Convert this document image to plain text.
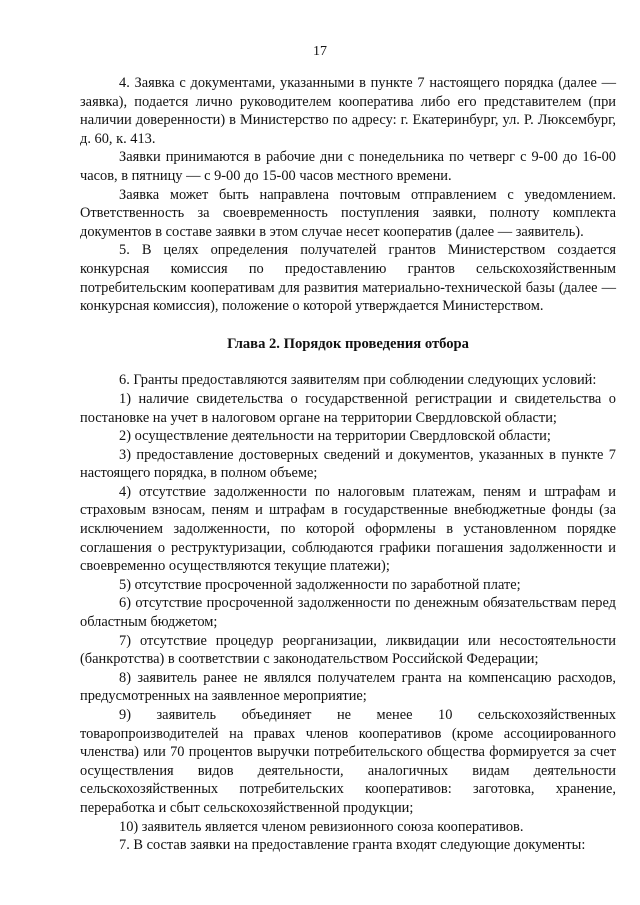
17

4. Заявка с документами, указанными в пункте 7 настоящего порядка (далее — заявка), подается лично руководителем кооператива либо его представителем (при наличии доверенности) в Министерство по адресу: г. Екатеринбург, ул. Р. Люксембург, д. 60, к. 413.

Заявки принимаются в рабочие дни с понедельника по четверг с 9-00 до 16-00 часов, в пятницу — с 9-00 до 15-00 часов местного времени.

Заявка может быть направлена почтовым отправлением с уведомлением. Ответственность за своевременность поступления заявки, полноту комплекта документов в составе заявки в этом случае несет кооператив (далее — заявитель).

5. В целях определения получателей грантов Министерством создается конкурсная комиссия по предоставлению грантов сельскохозяйственным потребительским кооперативам для развития материально-технической базы (далее — конкурсная комиссия), положение о которой утверждается Министерством.

Глава 2. Порядок проведения отбора

6. Гранты предоставляются заявителям при соблюдении следующих условий:

1) наличие свидетельства о государственной регистрации и свидетельства о постановке на учет в налоговом органе на территории Свердловской области;

2) осуществление деятельности на территории Свердловской области;

3) предоставление достоверных сведений и документов, указанных в пункте 7 настоящего порядка, в полном объеме;

4) отсутствие задолженности по налоговым платежам, пеням и штрафам и страховым взносам, пеням и штрафам в государственные внебюджетные фонды (за исключением задолженности, по которой оформлены в установленном порядке соглашения о реструктуризации, соблюдаются графики погашения задолженности и своевременно осуществляются текущие платежи);

5) отсутствие просроченной задолженности по заработной плате;

6) отсутствие просроченной задолженности по денежным обязательствам перед областным бюджетом;

7) отсутствие процедур реорганизации, ликвидации или несостоятельности (банкротства) в соответствии с законодательством Российской Федерации;

8) заявитель ранее не являлся получателем гранта на компенсацию расходов, предусмотренных на заявленное мероприятие;

9) заявитель объединяет не менее 10 сельскохозяйственных товаропроизводителей на правах членов кооперативов (кроме ассоциированного членства) или 70 процентов выручки потребительского общества формируется за счет осуществления видов деятельности, аналогичных видам деятельности сельскохозяйственных потребительских кооперативов: заготовка, хранение, переработка и сбыт сельскохозяйственной продукции;

10) заявитель является членом ревизионного союза кооперативов.

7. В состав заявки на предоставление гранта входят следующие документы:
